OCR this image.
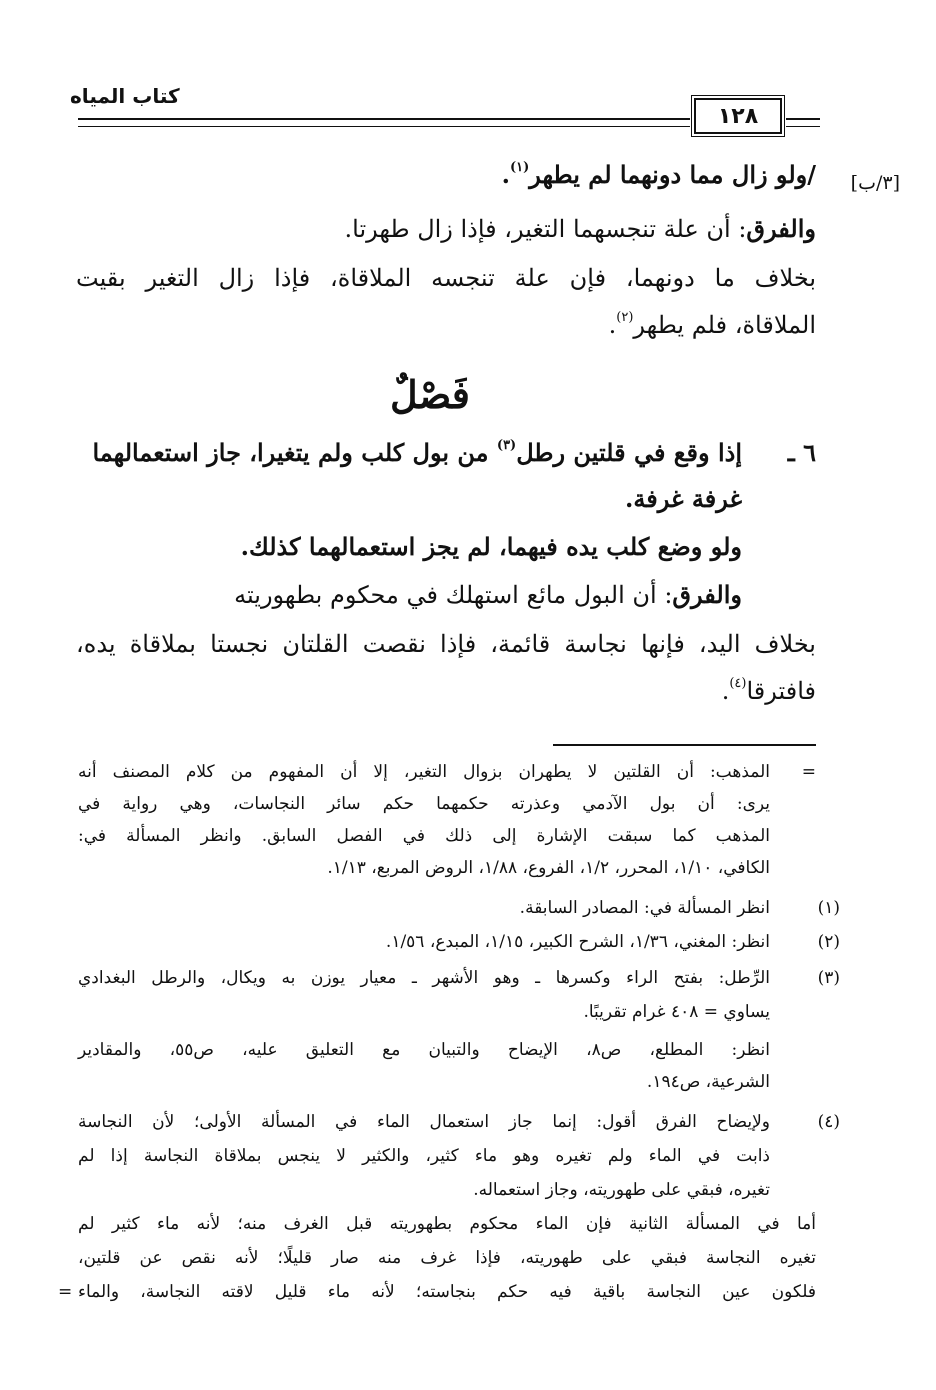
كتاب المياه
١٢٨
[٣/ب]
/ولو زال مما دونهما لم يطهر$^{(١)}$.
والفرق: أن علة تنجسهما التغير، فإذا زال طهرتا.
بخلاف ما دونهما، فإن علة تنجسه الملاقاة، فإذا زال التغير بقيت
الملاقاة، فلم يطهر$^{(٢)}$.
فَصْلٌ
٦ ـ
إذا وقع في قلتين رطل$^{(٣)}$ من بول كلب ولم يتغيرا، جاز استعمالهما
غرفة غرفة.
ولو وضع كلب يده فيهما، لم يجز استعمالهما كذلك.
والفرق: أن البول مائع استهلك في محكوم بطهوريته
بخلاف اليد، فإنها نجاسة قائمة، فإذا نقصت القلتان نجستا بملاقاة يده،
فافترقا$^{(٤)}$.
=
المذهب: أن القلتين لا يطهران بزوال التغير، إلا أن المفهوم من كلام المصنف أنه
يرى: أن بول الآدمي وعذرته حكمهما حكم سائر النجاسات، وهي رواية في
المذهب كما سبقت الإشارة إلى ذلك في الفصل السابق. وانظر المسألة في:
الكافي، ١/١٠، المحرر، ١/٢، الفروع، ١/٨٨، الروض المربع، ١/١٣.
(١)
انظر المسألة في: المصادر السابقة.
(٢)
انظر: المغني، ١/٣٦، الشرح الكبير، ١/١٥، المبدع، ١/٥٦.
(٣)
الرِّطل: بفتح الراء وكسرها ـ وهو الأشهر ـ معيار يوزن به ويكال، والرطل البغدادي
يساوي = ٤٠٨ غرام تقريبًا.
انظر: المطلع، ص٨، الإيضاح والتبيان مع التعليق عليه، ص٥٥، والمقادير
الشرعية، ص١٩٤.
(٤)
ولإيضاح الفرق أقول: إنما جاز استعمال الماء في المسألة الأولى؛ لأن النجاسة
ذابت في الماء ولم تغيره وهو ماء كثير، والكثير لا ينجس بملاقاة النجاسة إذا لم
تغيره، فبقي على طهوريته، وجاز استعماله.
أما في المسألة الثانية فإن الماء محكوم بطهوريته قبل الغرف منه؛ لأنه ماء كثير لم
تغيره النجاسة فبقي على طهوريته، فإذا غرف منه صار قليلًا؛ لأنه نقص عن قلتين،
فلكون عين النجاسة باقية فيه حكم بنجاسته؛ لأنه ماء قليل لاقته النجاسة، والماء
=
